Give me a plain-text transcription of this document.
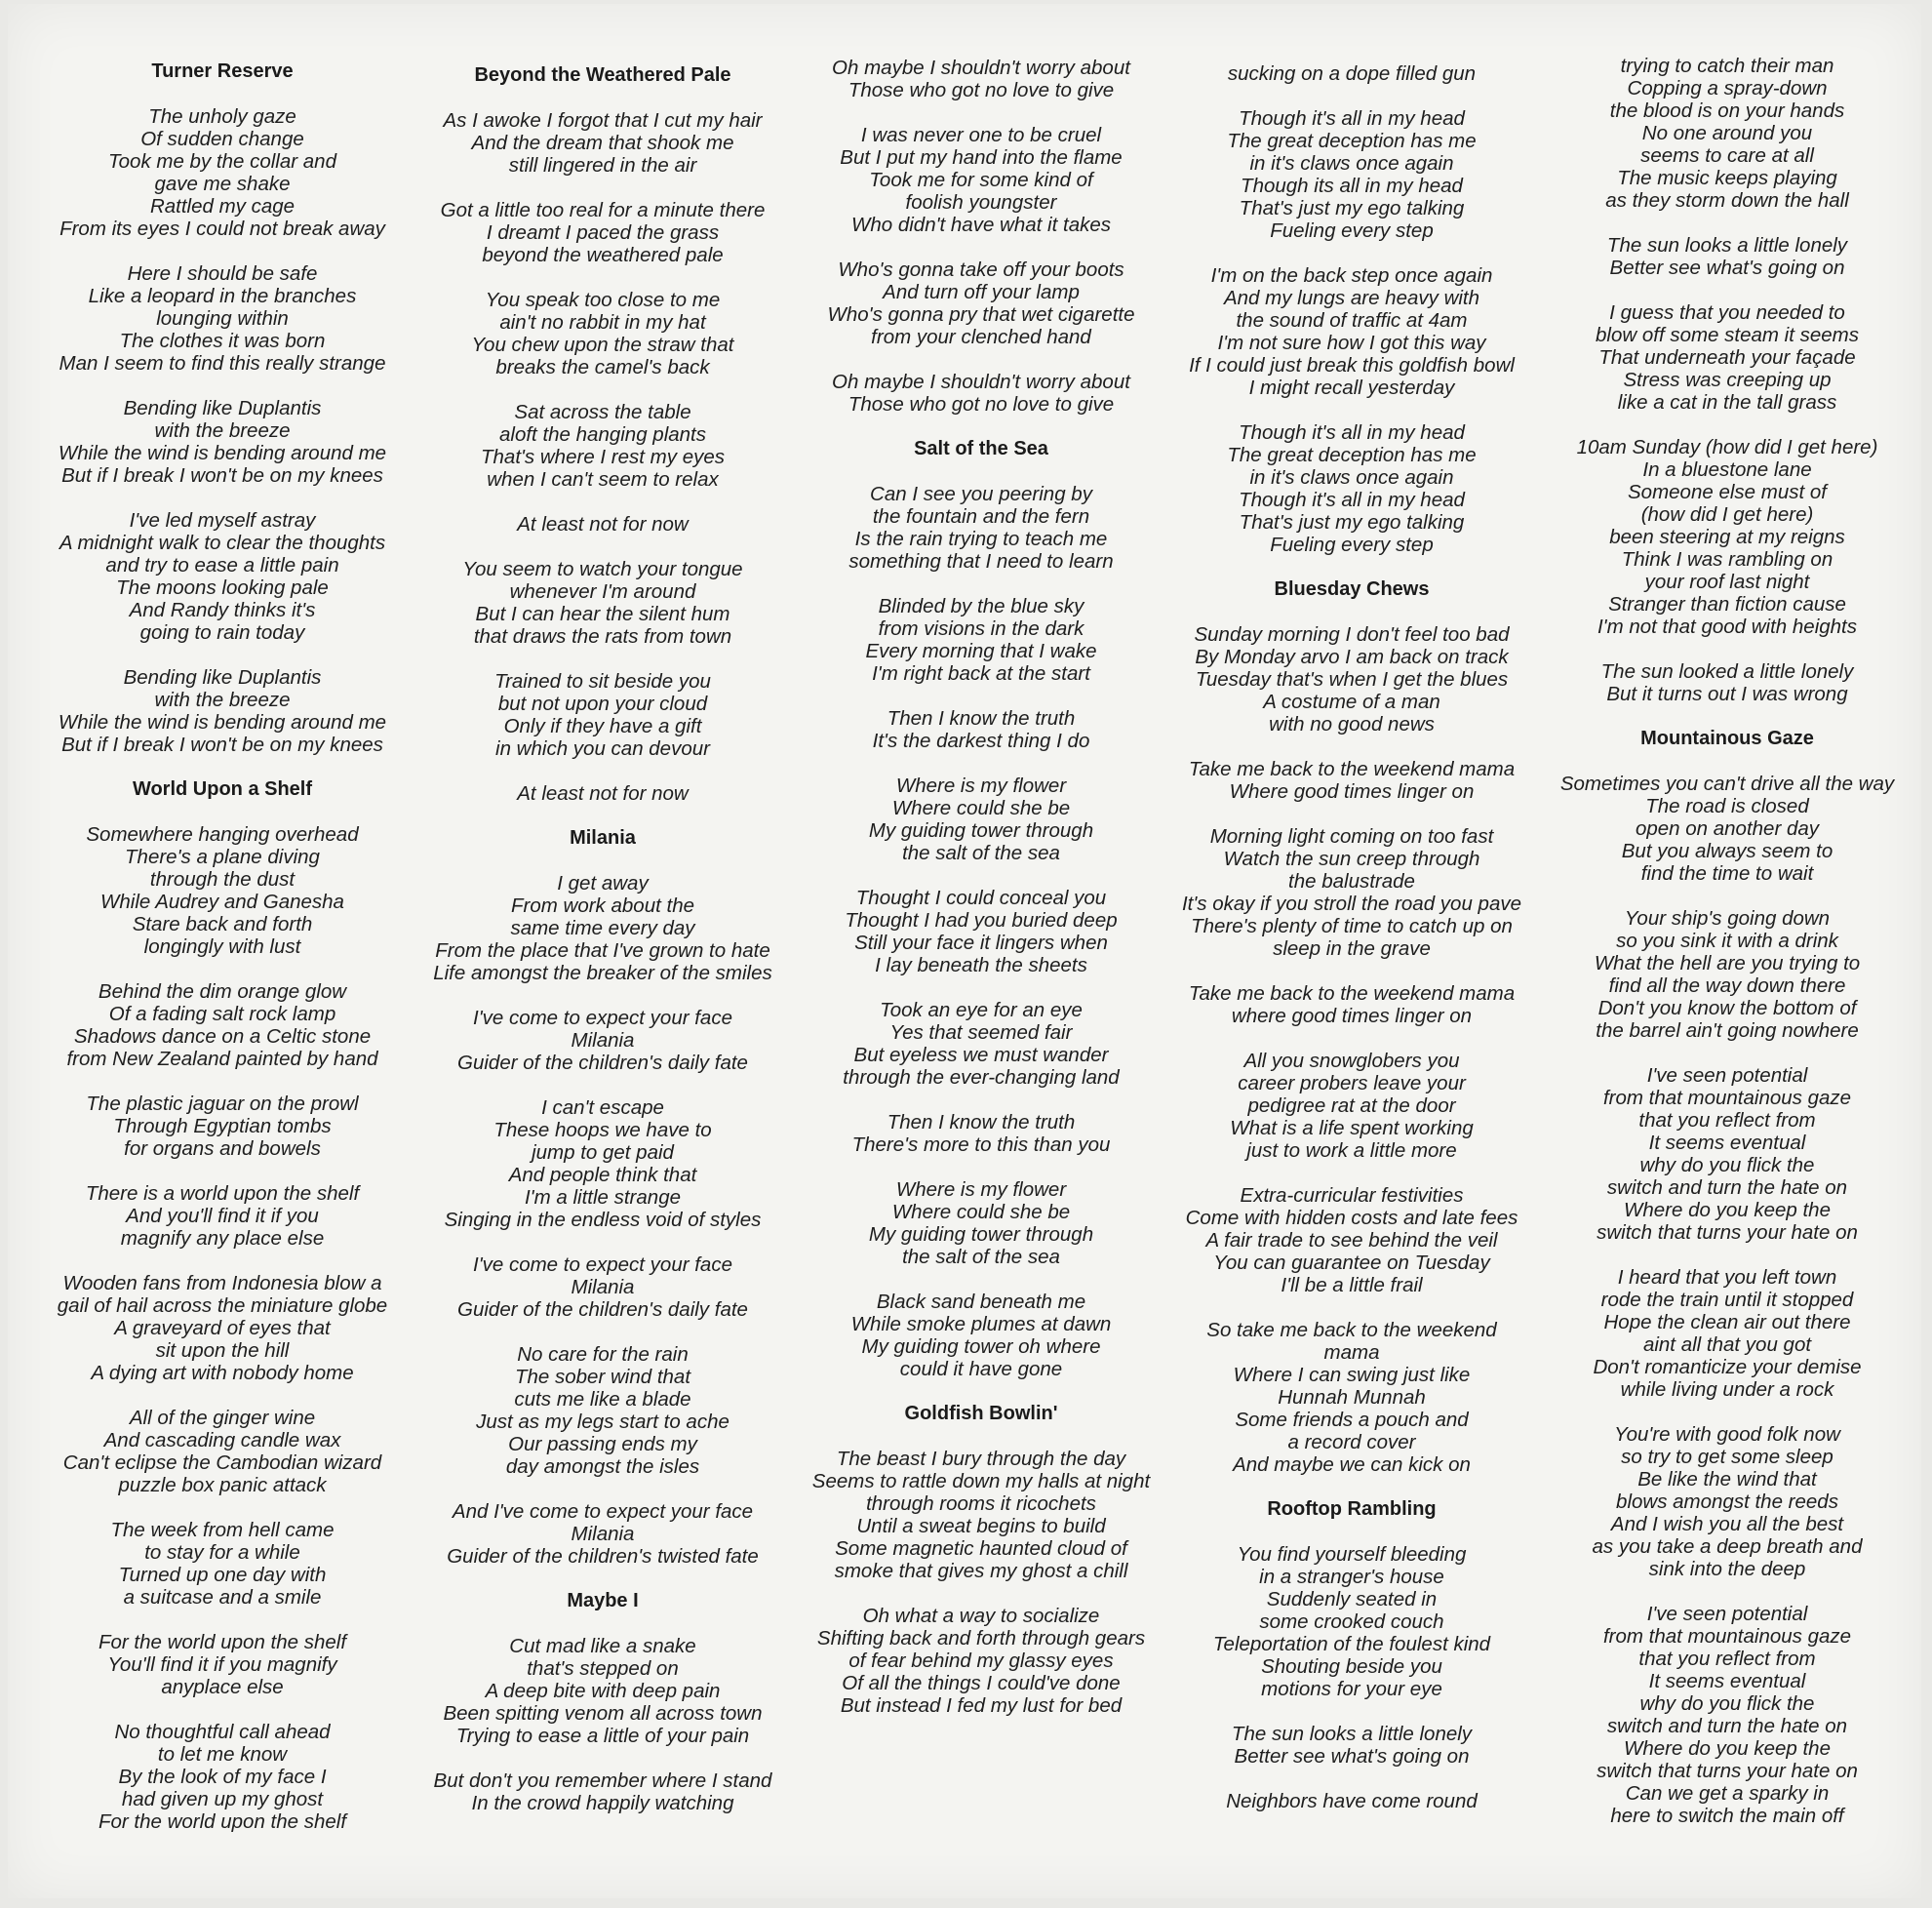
Turner Reserve
The unholy gaze
Of sudden change
Took me by the collar and
gave me shake
Rattled my cage
From its eyes I could not break away
Here I should be safe
Like a leopard in the branches
lounging within
The clothes it was born
Man I seem to find this really strange
Bending like Duplantis
with the breeze
While the wind is bending around me
But if I break I won't be on my knees
I've led myself astray
A midnight walk to clear the thoughts
and try to ease a little pain
The moons looking pale
And Randy thinks it's
going to rain today
Bending like Duplantis
with the breeze
While the wind is bending around me
But if I break I won't be on my knees
World Upon a Shelf
Somewhere hanging overhead
There's a plane diving
through the dust
While Audrey and Ganesha
Stare back and forth
longingly with lust
Behind the dim orange glow
Of a fading salt rock lamp
Shadows dance on a Celtic stone
from New Zealand painted by hand
The plastic jaguar on the prowl
Through Egyptian tombs
for organs and bowels
There is a world upon the shelf
And you'll find it if you
magnify any place else
Wooden fans from Indonesia blow a
gail of hail across the miniature globe
A graveyard of eyes that
sit upon the hill
A dying art with nobody home
All of the ginger wine
And cascading candle wax
Can't eclipse the Cambodian wizard
puzzle box panic attack
The week from hell came
to stay for a while
Turned up one day with
a suitcase and a smile
For the world upon the shelf
You'll find it if you magnify
anyplace else
No thoughtful call ahead
to let me know
By the look of my face I
had given up my ghost
For the world upon the shelf
Beyond the Weathered Pale
As I awoke I forgot that I cut my hair
And the dream that shook me
still lingered in the air
Got a little too real for a minute there
I dreamt I paced the grass
beyond the weathered pale
You speak too close to me
ain't no rabbit in my hat
You chew upon the straw that
breaks the camel's back
Sat across the table
aloft the hanging plants
That's where I rest my eyes
when I can't seem to relax
At least not for now
You seem to watch your tongue
whenever I'm around
But I can hear the silent hum
that draws the rats from town
Trained to sit beside you
but not upon your cloud
Only if they have a gift
in which you can devour
At least not for now
Milania
I get away
From work about the
same time every day
From the place that I've grown to hate
Life amongst the breaker of the smiles
I've come to expect your face
Milania
Guider of the children's daily fate
I can't escape
These hoops we have to
jump to get paid
And people think that
I'm a little strange
Singing in the endless void of styles
I've come to expect your face
Milania
Guider of the children's daily fate
No care for the rain
The sober wind that
cuts me like a blade
Just as my legs start to ache
Our passing ends my
day amongst the isles
And I've come to expect your face
Milania
Guider of the children's twisted fate
Maybe I
Cut mad like a snake
that's stepped on
A deep bite with deep pain
Been spitting venom all across town
Trying to ease a little of your pain
But don't you remember where I stand
In the crowd happily watching
Oh maybe I shouldn't worry about
Those who got no love to give
I was never one to be cruel
But I put my hand into the flame
Took me for some kind of
foolish youngster
Who didn't have what it takes
Who's gonna take off your boots
And turn off your lamp
Who's gonna pry that wet cigarette
from your clenched hand
Oh maybe I shouldn't worry about
Those who got no love to give
Salt of the Sea
Can I see you peering by
the fountain and the fern
Is the rain trying to teach me
something that I need to learn
Blinded by the blue sky
from visions in the dark
Every morning that I wake
I'm right back at the start
Then I know the truth
It's the darkest thing I do
Where is my flower
Where could she be
My guiding tower through
the salt of the sea
Thought I could conceal you
Thought I had you buried deep
Still your face it lingers when
I lay beneath the sheets
Took an eye for an eye
Yes that seemed fair
But eyeless we must wander
through the ever-changing land
Then I know the truth
There's more to this than you
Where is my flower
Where could she be
My guiding tower through
the salt of the sea
Black sand beneath me
While smoke plumes at dawn
My guiding tower oh where
could it have gone
Goldfish Bowlin'
The beast I bury through the day
Seems to rattle down my halls at night
through rooms it ricochets
Until a sweat begins to build
Some magnetic haunted cloud of
smoke that gives my ghost a chill
Oh what a way to socialize
Shifting back and forth through gears
of fear behind my glassy eyes
Of all the things I could've done
But instead I fed my lust for bed
sucking on a dope filled gun
Though it's all in my head
The great deception has me
in it's claws once again
Though its all in my head
That's just my ego talking
Fueling every step
I'm on the back step once again
And my lungs are heavy with
the sound of traffic at 4am
I'm not sure how I got this way
If I could just break this goldfish bowl
I might recall yesterday
Though it's all in my head
The great deception has me
in it's claws once again
Though it's all in my head
That's just my ego talking
Fueling every step
Bluesday Chews
Sunday morning I don't feel too bad
By Monday arvo I am back on track
Tuesday that's when I get the blues
A costume of a man
with no good news
Take me back to the weekend mama
Where good times linger on
Morning light coming on too fast
Watch the sun creep through
the balustrade
It's okay if you stroll the road you pave
There's plenty of time to catch up on
sleep in the grave
Take me back to the weekend mama
where good times linger on
All you snowglobers you
career probers leave your
pedigree rat at the door
What is a life spent working
just to work a little more
Extra-curricular festivities
Come with hidden costs and late fees
A fair trade to see behind the veil
You can guarantee on Tuesday
I'll be a little frail
So take me back to the weekend
mama
Where I can swing just like
Hunnah Munnah
Some friends a pouch and
a record cover
And maybe we can kick on
Rooftop Rambling
You find yourself bleeding
in a stranger's house
Suddenly seated in
some crooked couch
Teleportation of the foulest kind
Shouting beside you
motions for your eye
The sun looks a little lonely
Better see what's going on
Neighbors have come round
trying to catch their man
Copping a spray-down
the blood is on your hands
No one around you
seems to care at all
The music keeps playing
as they storm down the hall
The sun looks a little lonely
Better see what's going on
I guess that you needed to
blow off some steam it seems
That underneath your façade
Stress was creeping up
like a cat in the tall grass
10am Sunday (how did I get here)
In a bluestone lane
Someone else must of
(how did I get here)
been steering at my reigns
Think I was rambling on
your roof last night
Stranger than fiction cause
I'm not that good with heights
The sun looked a little lonely
But it turns out I was wrong
Mountainous Gaze
Sometimes you can't drive all the way
The road is closed
open on another day
But you always seem to
find the time to wait
Your ship's going down
so you sink it with a drink
What the hell are you trying to
find all the way down there
Don't you know the bottom of
the barrel ain't going nowhere
I've seen potential
from that mountainous gaze
that you reflect from
It seems eventual
why do you flick the
switch and turn the hate on
Where do you keep the
switch that turns your hate on
I heard that you left town
rode the train until it stopped
Hope the clean air out there
aint all that you got
Don't romanticize your demise
while living under a rock
You're with good folk now
so try to get some sleep
Be like the wind that
blows amongst the reeds
And I wish you all the best
as you take a deep breath and
sink into the deep
I've seen potential
from that mountainous gaze
that you reflect from
It seems eventual
why do you flick the
switch and turn the hate on
Where do you keep the
switch that turns your hate on
Can we get a sparky in
here to switch the main off
